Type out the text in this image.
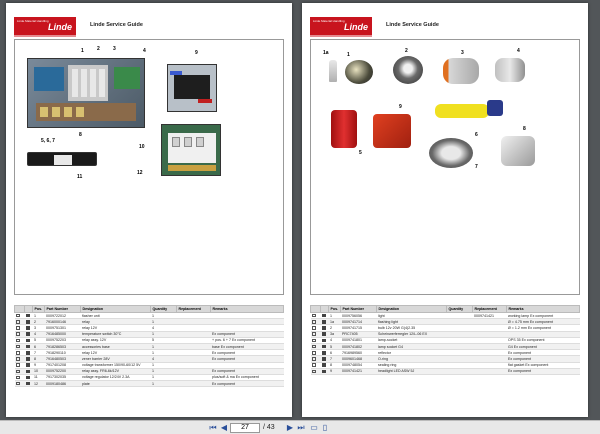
Linde Material Handling
Linde	Linde Service Guide
1	2	3	4
5, 6, 7
8
9
10
12
11
		Pos.	Part Number	Designation	Quantity	Replacement	Remarks
		1	0009722012	flasher unit	1		
		2	7916000146	relay	1		
		3	0009751301	relay 12V	4		
		4	7916485000	temperature switch 30°C	1		Ex component
		5	0009752203	relay assy. 12V	5		+ pos. 6 + 7 Ex component
		6	7918286503	accessories base	1		base Ex component
		7	7918290110	relay 12V	1		Ex component
		8	7916480503	zener barrier 28V	4		Ex component
		9	7917401208	voltage transformer 150/90-60/12 5V	1		
		10	0009752200	relay assy. FR6-6k/12V	1		Ex component
		11	7917302035	voltage regulator 12/24V 2.3A	1		plus/soft & ma Ex component
		12	0009180486	plate	1		Ex component
Linde Material Handling
Linde	Linde Service Guide
1a	1
2	3	4
5
9
6
7
8
		Pos.	Part Number	Designation	Quantity	Replacement	Remarks
		1	0009756056	light		0009741421	working lamp Ex component
		1a	0009741714	flashing light			Ø = 4.75 mm Ex component
		2	0009741715	bulb 12v 20W G(4)2.35			Ø = 1.2 mm Ex component
		3a	PRC7405	Scheinwerferregler 12/L-06 EX			
		4	0009741801	lamp-socket			OPS 35 Ex component
		5	0009741802	lamp socket G4			G4 Ex component
		6	7916989560	reflector			Ex component
		7	0009601468	O-ring			Ex component
		8	0009748054	sealing ring			flat gasket Ex component
		9	0009741421	headlight LED ASW 5J			Ex component
⏮ ◀	27	/ 43 ▶ ⏭ ▭ ▯
